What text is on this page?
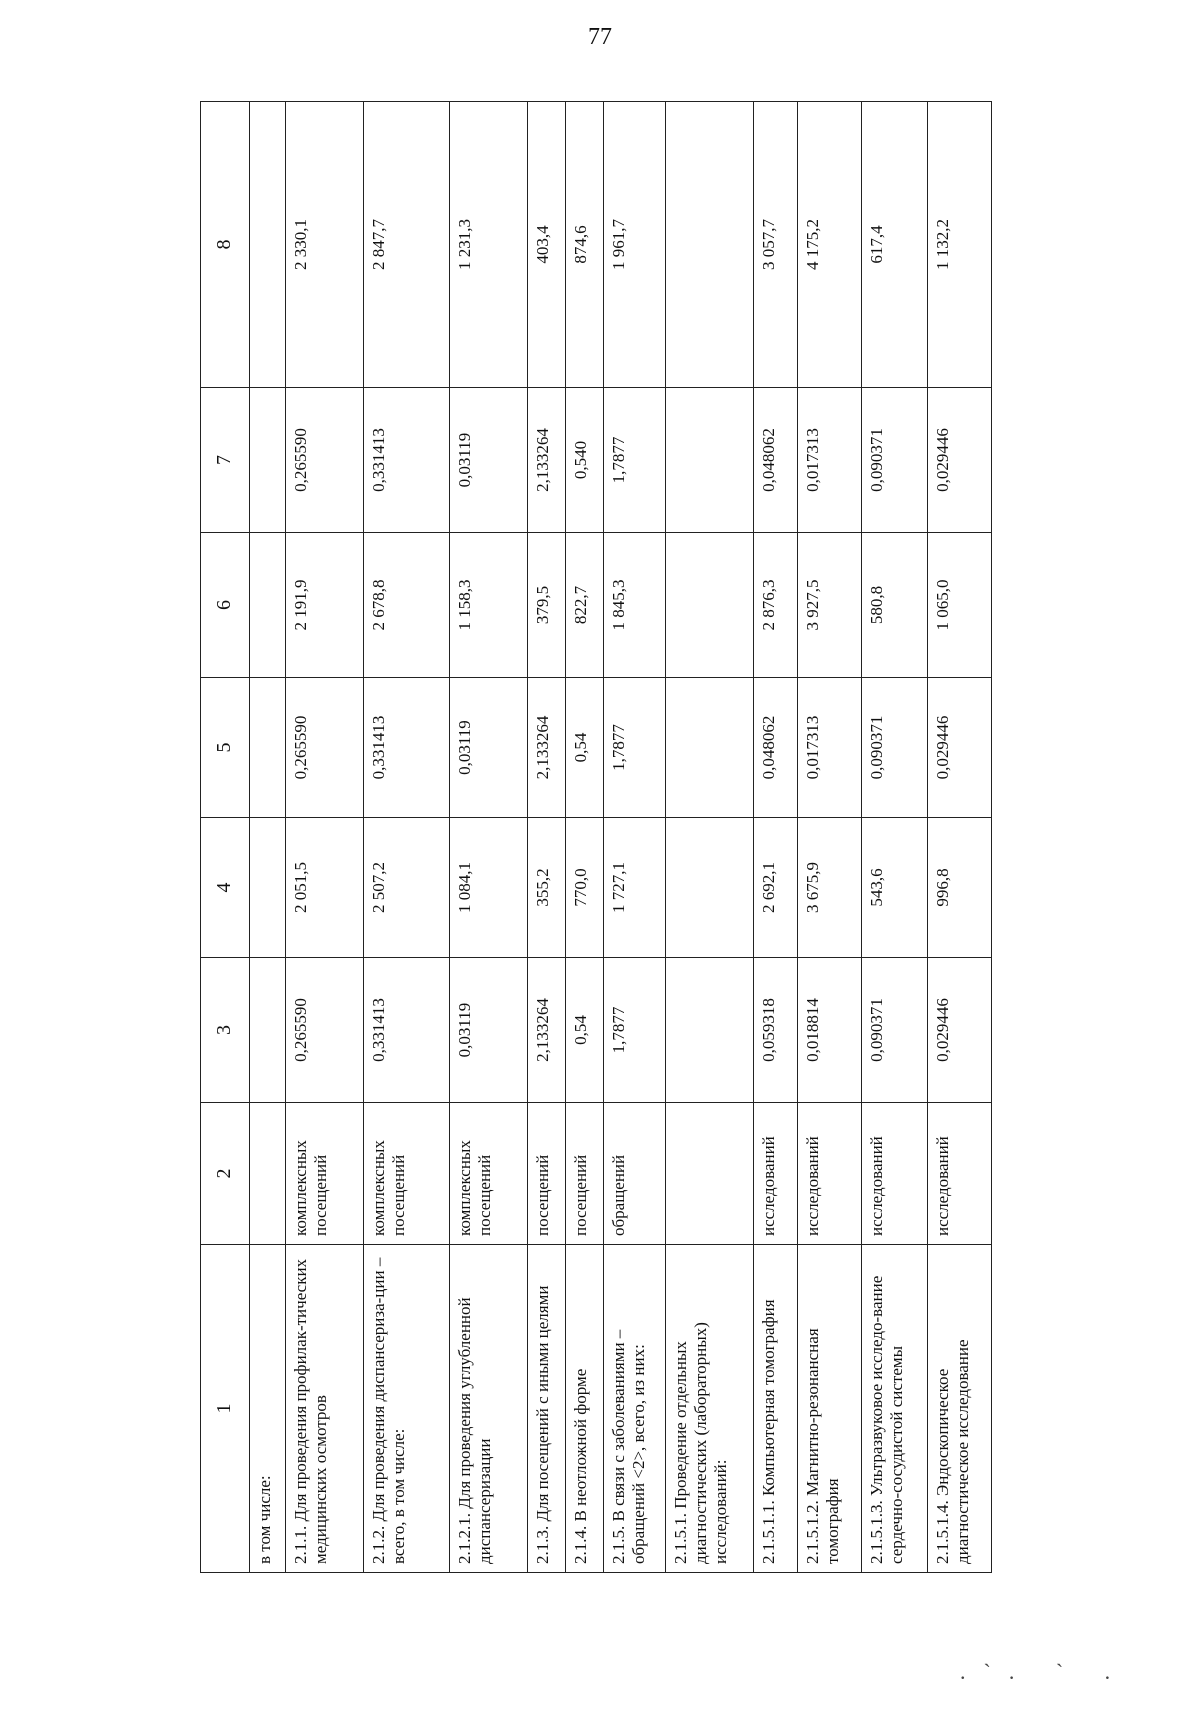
77
1	2	3	4	5	6	7	8
в том числе:							
2.1.1. Для проведения профилак-тических медицинских осмотров	комплексных посещений	0,265590	2 051,5	0,265590	2 191,9	0,265590	2 330,1
2.1.2. Для проведения диспансериза-ции – всего, в том числе:	комплексных посещений	0,331413	2 507,2	0,331413	2 678,8	0,331413	2 847,7
2.1.2.1. Для проведения углубленной диспансеризации	комплексных посещений	0,03119	1 084,1	0,03119	1 158,3	0,03119	1 231,3
2.1.3. Для посещений с иными целями	посещений	2,133264	355,2	2,133264	379,5	2,133264	403,4
2.1.4. В неотложной форме	посещений	0,54	770,0	0,54	822,7	0,540	874,6
2.1.5. В связи с заболеваниями – обращений <2>, всего, из них:	обращений	1,7877	1 727,1	1,7877	1 845,3	1,7877	1 961,7
2.1.5.1. Проведение отдельных диагностических (лабораторных) исследований:							
2.1.5.1.1. Компьютерная томография	исследований	0,059318	2 692,1	0,048062	2 876,3	0,048062	3 057,7
2.1.5.1.2. Магнитно-резонансная томография	исследований	0,018814	3 675,9	0,017313	3 927,5	0,017313	4 175,2
2.1.5.1.3. Ультразвуковое исследо-вание сердечно-сосудистой системы	исследований	0,090371	543,6	0,090371	580,8	0,090371	617,4
2.1.5.1.4. Эндоскопическое диагностическое исследование	исследований	0,029446	996,8	0,029446	1 065,0	0,029446	1 132,2
.`. ` .
